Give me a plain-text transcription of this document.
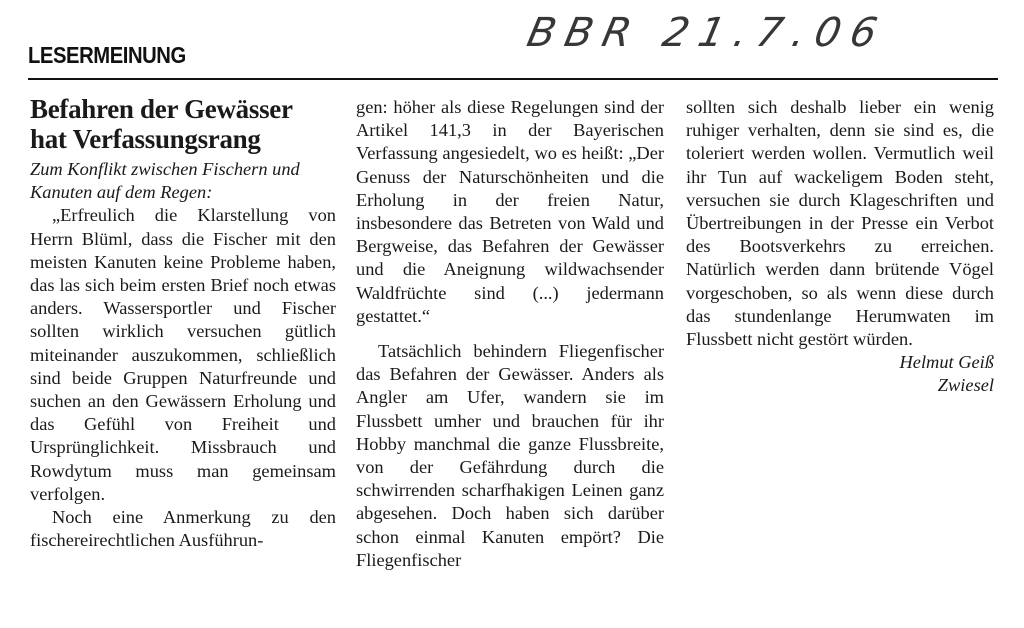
LESERMEINUNG	BBR 21.7.06
Befahren der Gewässer
hat Verfassungsrang
Zum Konflikt zwischen Fischern und Kanuten auf dem Regen:

„Erfreulich die Klarstellung von Herrn Blüml, dass die Fischer mit den meisten Kanuten keine Probleme haben, das las sich beim ersten Brief noch etwas anders. Wassersportler und Fischer sollten wirklich versuchen gütlich miteinander auszukommen, schließlich sind beide Gruppen Naturfreunde und suchen an den Gewässern Erholung und das Gefühl von Freiheit und Ursprünglichkeit. Missbrauch und Rowdytum muss man gemeinsam verfolgen.

Noch eine Anmerkung zu den fischereirechtlichen Ausführun-

gen: höher als diese Regelungen sind der Artikel 141,3 in der Bayerischen Verfassung angesiedelt, wo es heißt: „Der Genuss der Naturschönheiten und die Erholung in der freien Natur, insbesondere das Betreten von Wald und Bergweise, das Befahren der Gewässer und die Aneignung wildwachsender Waldfrüchte sind (...) jedermann gestattet.“

Tatsächlich behindern Fliegenfischer das Befahren der Gewässer. Anders als Angler am Ufer, wandern sie im Flussbett umher und brauchen für ihr Hobby manchmal die ganze Flussbreite, von der Gefährdung durch die schwirrenden scharfhakigen Leinen ganz abgesehen. Doch haben sich darüber schon einmal Kanuten empört? Die Fliegenfischer

sollten sich deshalb lieber ein wenig ruhiger verhalten, denn sie sind es, die toleriert werden wollen. Vermutlich weil ihr Tun auf wackeligem Boden steht, versuchen sie durch Klageschriften und Übertreibungen in der Presse ein Verbot des Bootsverkehrs zu erreichen. Natürlich werden dann brütende Vögel vorgeschoben, so als wenn diese durch das stundenlange Herumwaten im Flussbett nicht gestört würden.

Helmut Geiß
Zwiesel
